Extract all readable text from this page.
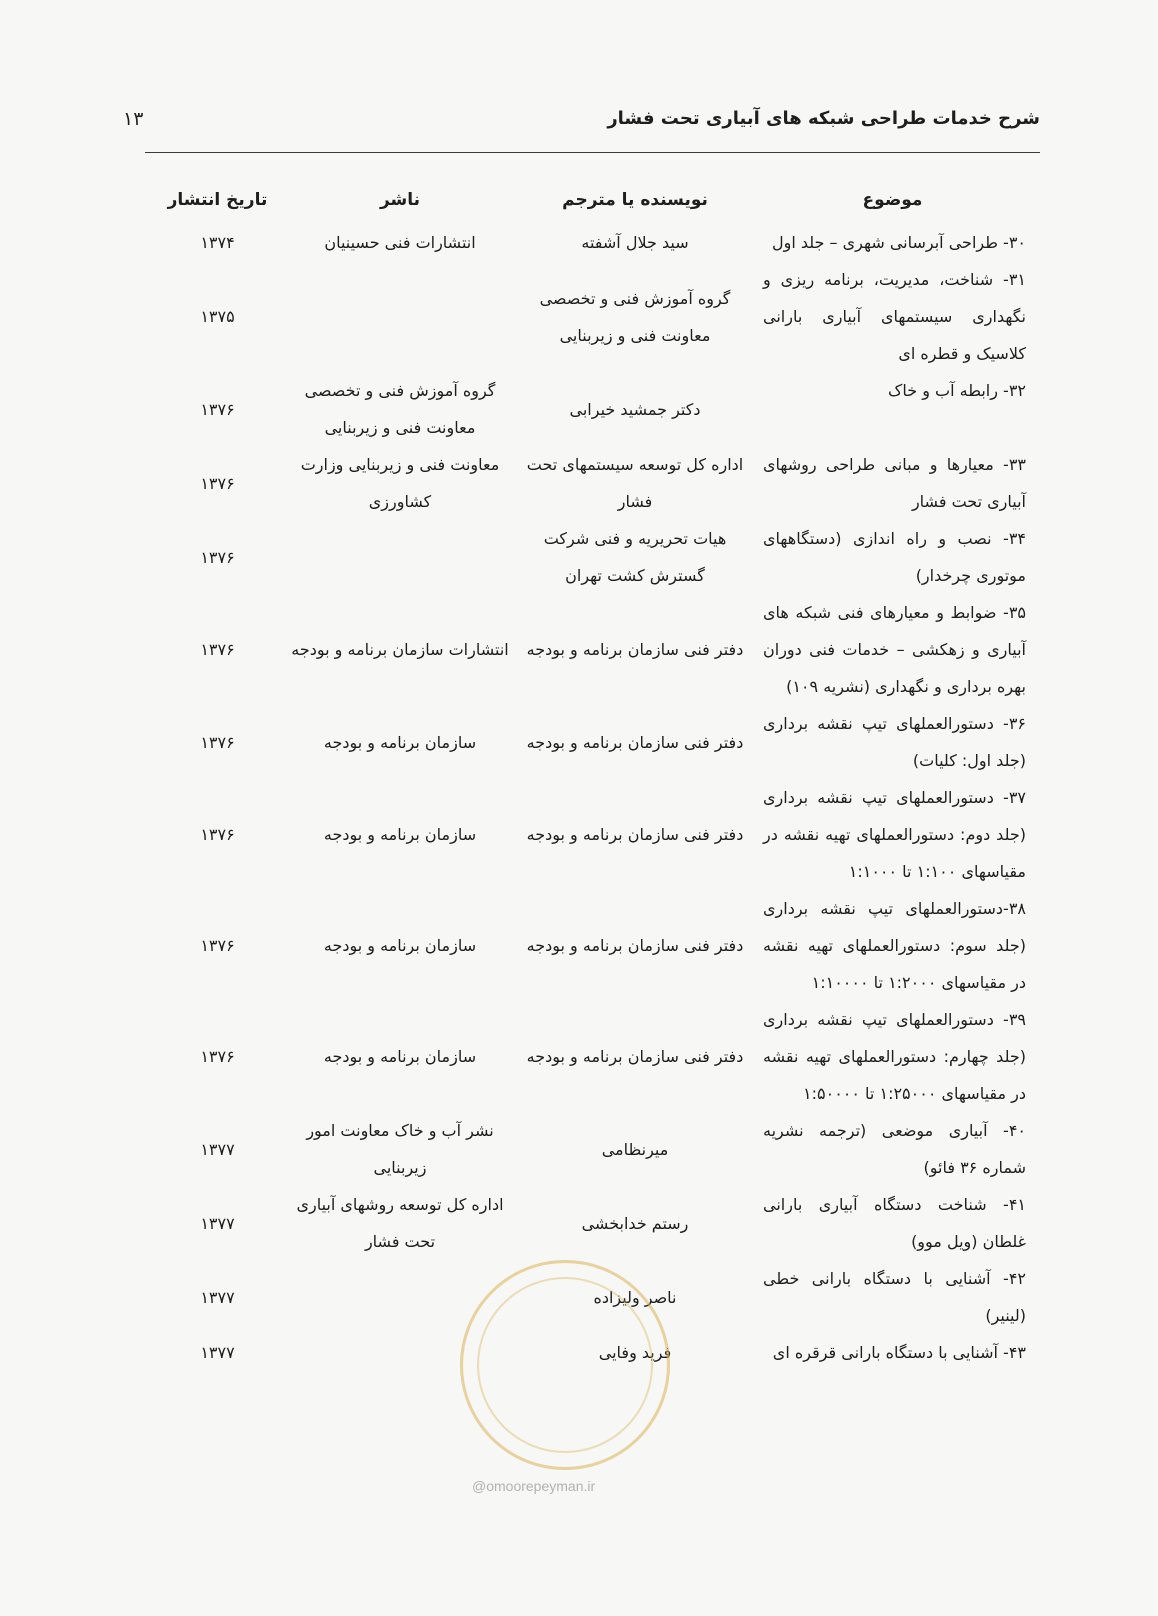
شرح خدمات طراحی شبکه های آبیاری تحت فشار
۱۳
موضوع	نویسنده یا مترجم	ناشر	تاریخ انتشار
۳۰- طراحی آبرسانی شهری – جلد اول	سید جلال آشفته	انتشارات فنی حسینیان	۱۳۷۴
۳۱- شناخت، مدیریت، برنامه ریزی و نگهداری سیستمهای آبیاری بارانی کلاسیک و قطره ای	گروه آموزش فنی و تخصصی معاونت فنی و زیربنایی		۱۳۷۵
۳۲- رابطه آب و خاک	دکتر جمشید خیرابی	گروه آموزش فنی و تخصصی معاونت فنی و زیربنایی	۱۳۷۶
۳۳- معیارها و مبانی طراحی روشهای آبیاری تحت فشار	اداره کل توسعه سیستمهای تحت فشار	معاونت فنی و زیربنایی وزارت کشاورزی	۱۳۷۶
۳۴- نصب و راه اندازی (دستگاههای موتوری چرخدار)	هیات تحریریه و فنی شرکت گسترش کشت تهران		۱۳۷۶
۳۵- ضوابط و معیارهای فنی شبکه های آبیاری و زهکشی – خدمات فنی دوران بهره برداری و نگهداری (نشریه ۱۰۹)	دفتر فنی سازمان برنامه و بودجه	انتشارات سازمان برنامه و بودجه	۱۳۷۶
۳۶- دستورالعملهای تیپ نقشه برداری (جلد اول: کلیات)	دفتر فنی سازمان برنامه و بودجه	سازمان برنامه و بودجه	۱۳۷۶
۳۷- دستورالعملهای تیپ نقشه برداری (جلد دوم: دستورالعملهای تهیه نقشه در مقیاسهای ۱:۱۰۰ تا ۱:۱۰۰۰	دفتر فنی سازمان برنامه و بودجه	سازمان برنامه و بودجه	۱۳۷۶
۳۸-دستورالعملهای تیپ نقشه برداری (جلد سوم: دستورالعملهای تهیه نقشه در مقیاسهای ۱:۲۰۰۰ تا ۱:۱۰۰۰۰	دفتر فنی سازمان برنامه و بودجه	سازمان برنامه و بودجه	۱۳۷۶
۳۹- دستورالعملهای تیپ نقشه برداری (جلد چهارم: دستورالعملهای تهیه نقشه در مقیاسهای ۱:۲۵۰۰۰ تا ۱:۵۰۰۰۰	دفتر فنی سازمان برنامه و بودجه	سازمان برنامه و بودجه	۱۳۷۶
۴۰- آبیاری موضعی (ترجمه نشریه شماره ۳۶ فائو)	میرنظامی	نشر آب و خاک معاونت امور زیربنایی	۱۳۷۷
۴۱- شناخت دستگاه آبیاری بارانی غلطان (ویل موو)	رستم خدابخشی	اداره کل توسعه روشهای آبیاری تحت فشار	۱۳۷۷
۴۲- آشنایی با دستگاه بارانی خطی (لینیر)	ناصر ولیزاده		۱۳۷۷
۴۳- آشنایی با دستگاه بارانی قرقره ای	فرید وفایی		۱۳۷۷
@omoorepeyman.ir
